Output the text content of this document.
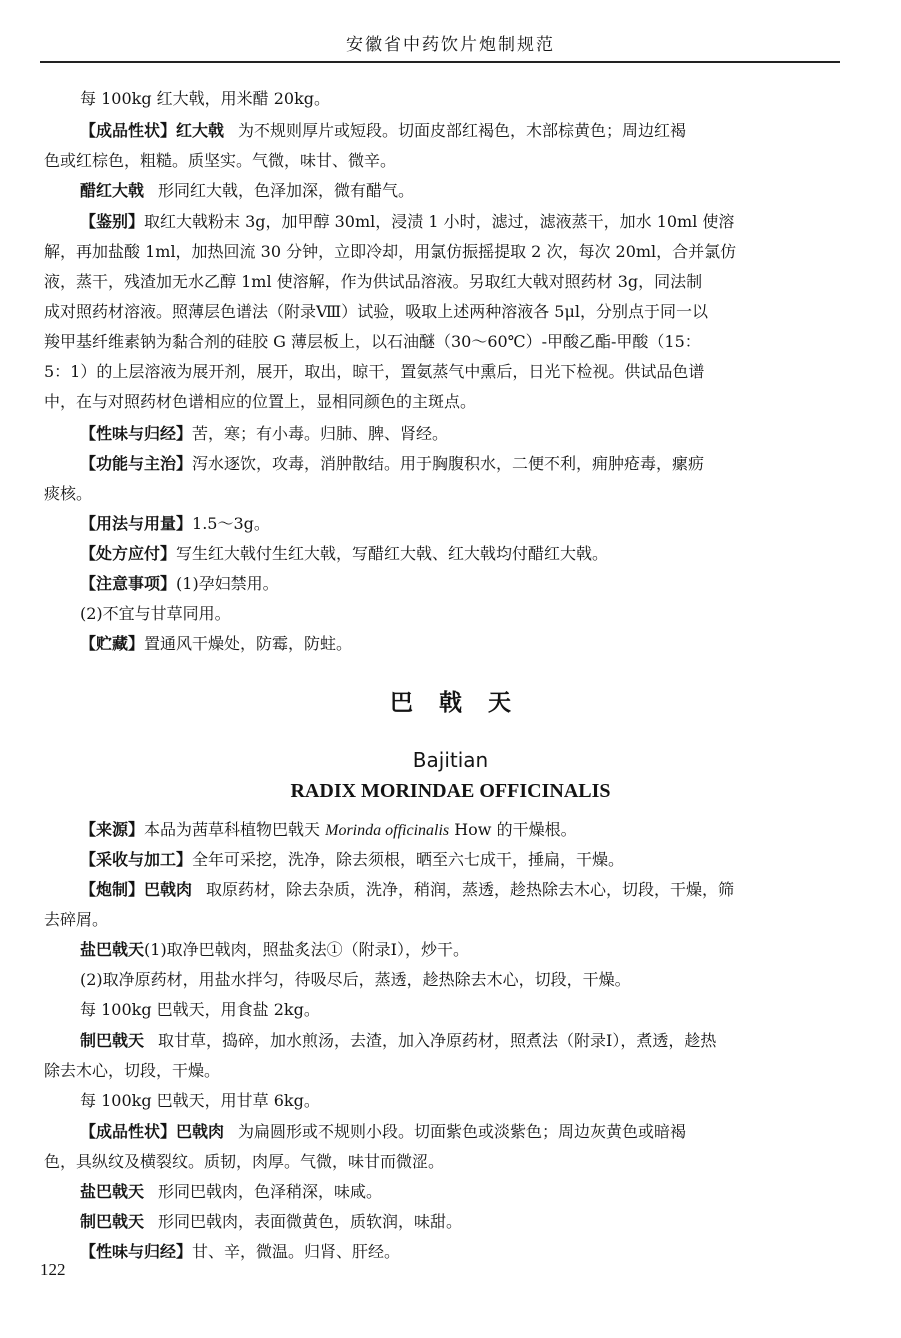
安徽省中药饮片炮制规范
每 100kg 红大戟，用米醋 20kg。
【成品性状】红大戟 为不规则厚片或短段。切面皮部红褐色，木部棕黄色；周边红褐
色或红棕色，粗糙。质坚实。气微，味甘、微辛。
醋红大戟 形同红大戟，色泽加深，微有醋气。
【鉴别】取红大戟粉末 3g，加甲醇 30ml，浸渍 1 小时，滤过，滤液蒸干，加水 10ml 使溶
解，再加盐酸 1ml，加热回流 30 分钟，立即冷却，用氯仿振摇提取 2 次，每次 20ml，合并氯仿
液，蒸干，残渣加无水乙醇 1ml 使溶解，作为供试品溶液。另取红大戟对照药材 3g，同法制
成对照药材溶液。照薄层色谱法（附录Ⅷ）试验，吸取上述两种溶液各 5μl，分别点于同一以
羧甲基纤维素钠为黏合剂的硅胶 G 薄层板上，以石油醚（30～60℃）-甲酸乙酯-甲酸（15：
5：1）的上层溶液为展开剂，展开，取出，晾干，置氨蒸气中熏后，日光下检视。供试品色谱
中，在与对照药材色谱相应的位置上，显相同颜色的主斑点。
【性味与归经】苦，寒；有小毒。归肺、脾、肾经。
【功能与主治】泻水逐饮，攻毒，消肿散结。用于胸腹积水，二便不利，痈肿疮毒，瘰疬
痰核。
【用法与用量】1.5～3g。
【处方应付】写生红大戟付生红大戟，写醋红大戟、红大戟均付醋红大戟。
【注意事项】(1)孕妇禁用。
(2)不宜与甘草同用。
【贮藏】置通风干燥处，防霉，防蛀。
巴戟天
Bajitian
RADIX MORINDAE OFFICINALIS
【来源】本品为茜草科植物巴戟天 Morinda officinalis How 的干燥根。
【采收与加工】全年可采挖，洗净，除去须根，晒至六七成干，捶扁，干燥。
【炮制】巴戟肉 取原药材，除去杂质，洗净，稍润，蒸透，趁热除去木心，切段，干燥，筛
去碎屑。
盐巴戟天(1)取净巴戟肉，照盐炙法①（附录Ⅰ），炒干。
(2)取净原药材，用盐水拌匀，待吸尽后，蒸透，趁热除去木心，切段，干燥。
每 100kg 巴戟天，用食盐 2kg。
制巴戟天 取甘草，捣碎，加水煎汤，去渣，加入净原药材，照煮法（附录Ⅰ），煮透，趁热
除去木心，切段，干燥。
每 100kg 巴戟天，用甘草 6kg。
【成品性状】巴戟肉 为扁圆形或不规则小段。切面紫色或淡紫色；周边灰黄色或暗褐
色，具纵纹及横裂纹。质韧，肉厚。气微，味甘而微涩。
盐巴戟天 形同巴戟肉，色泽稍深，味咸。
制巴戟天 形同巴戟肉，表面微黄色，质软润，味甜。
【性味与归经】甘、辛，微温。归肾、肝经。
122
